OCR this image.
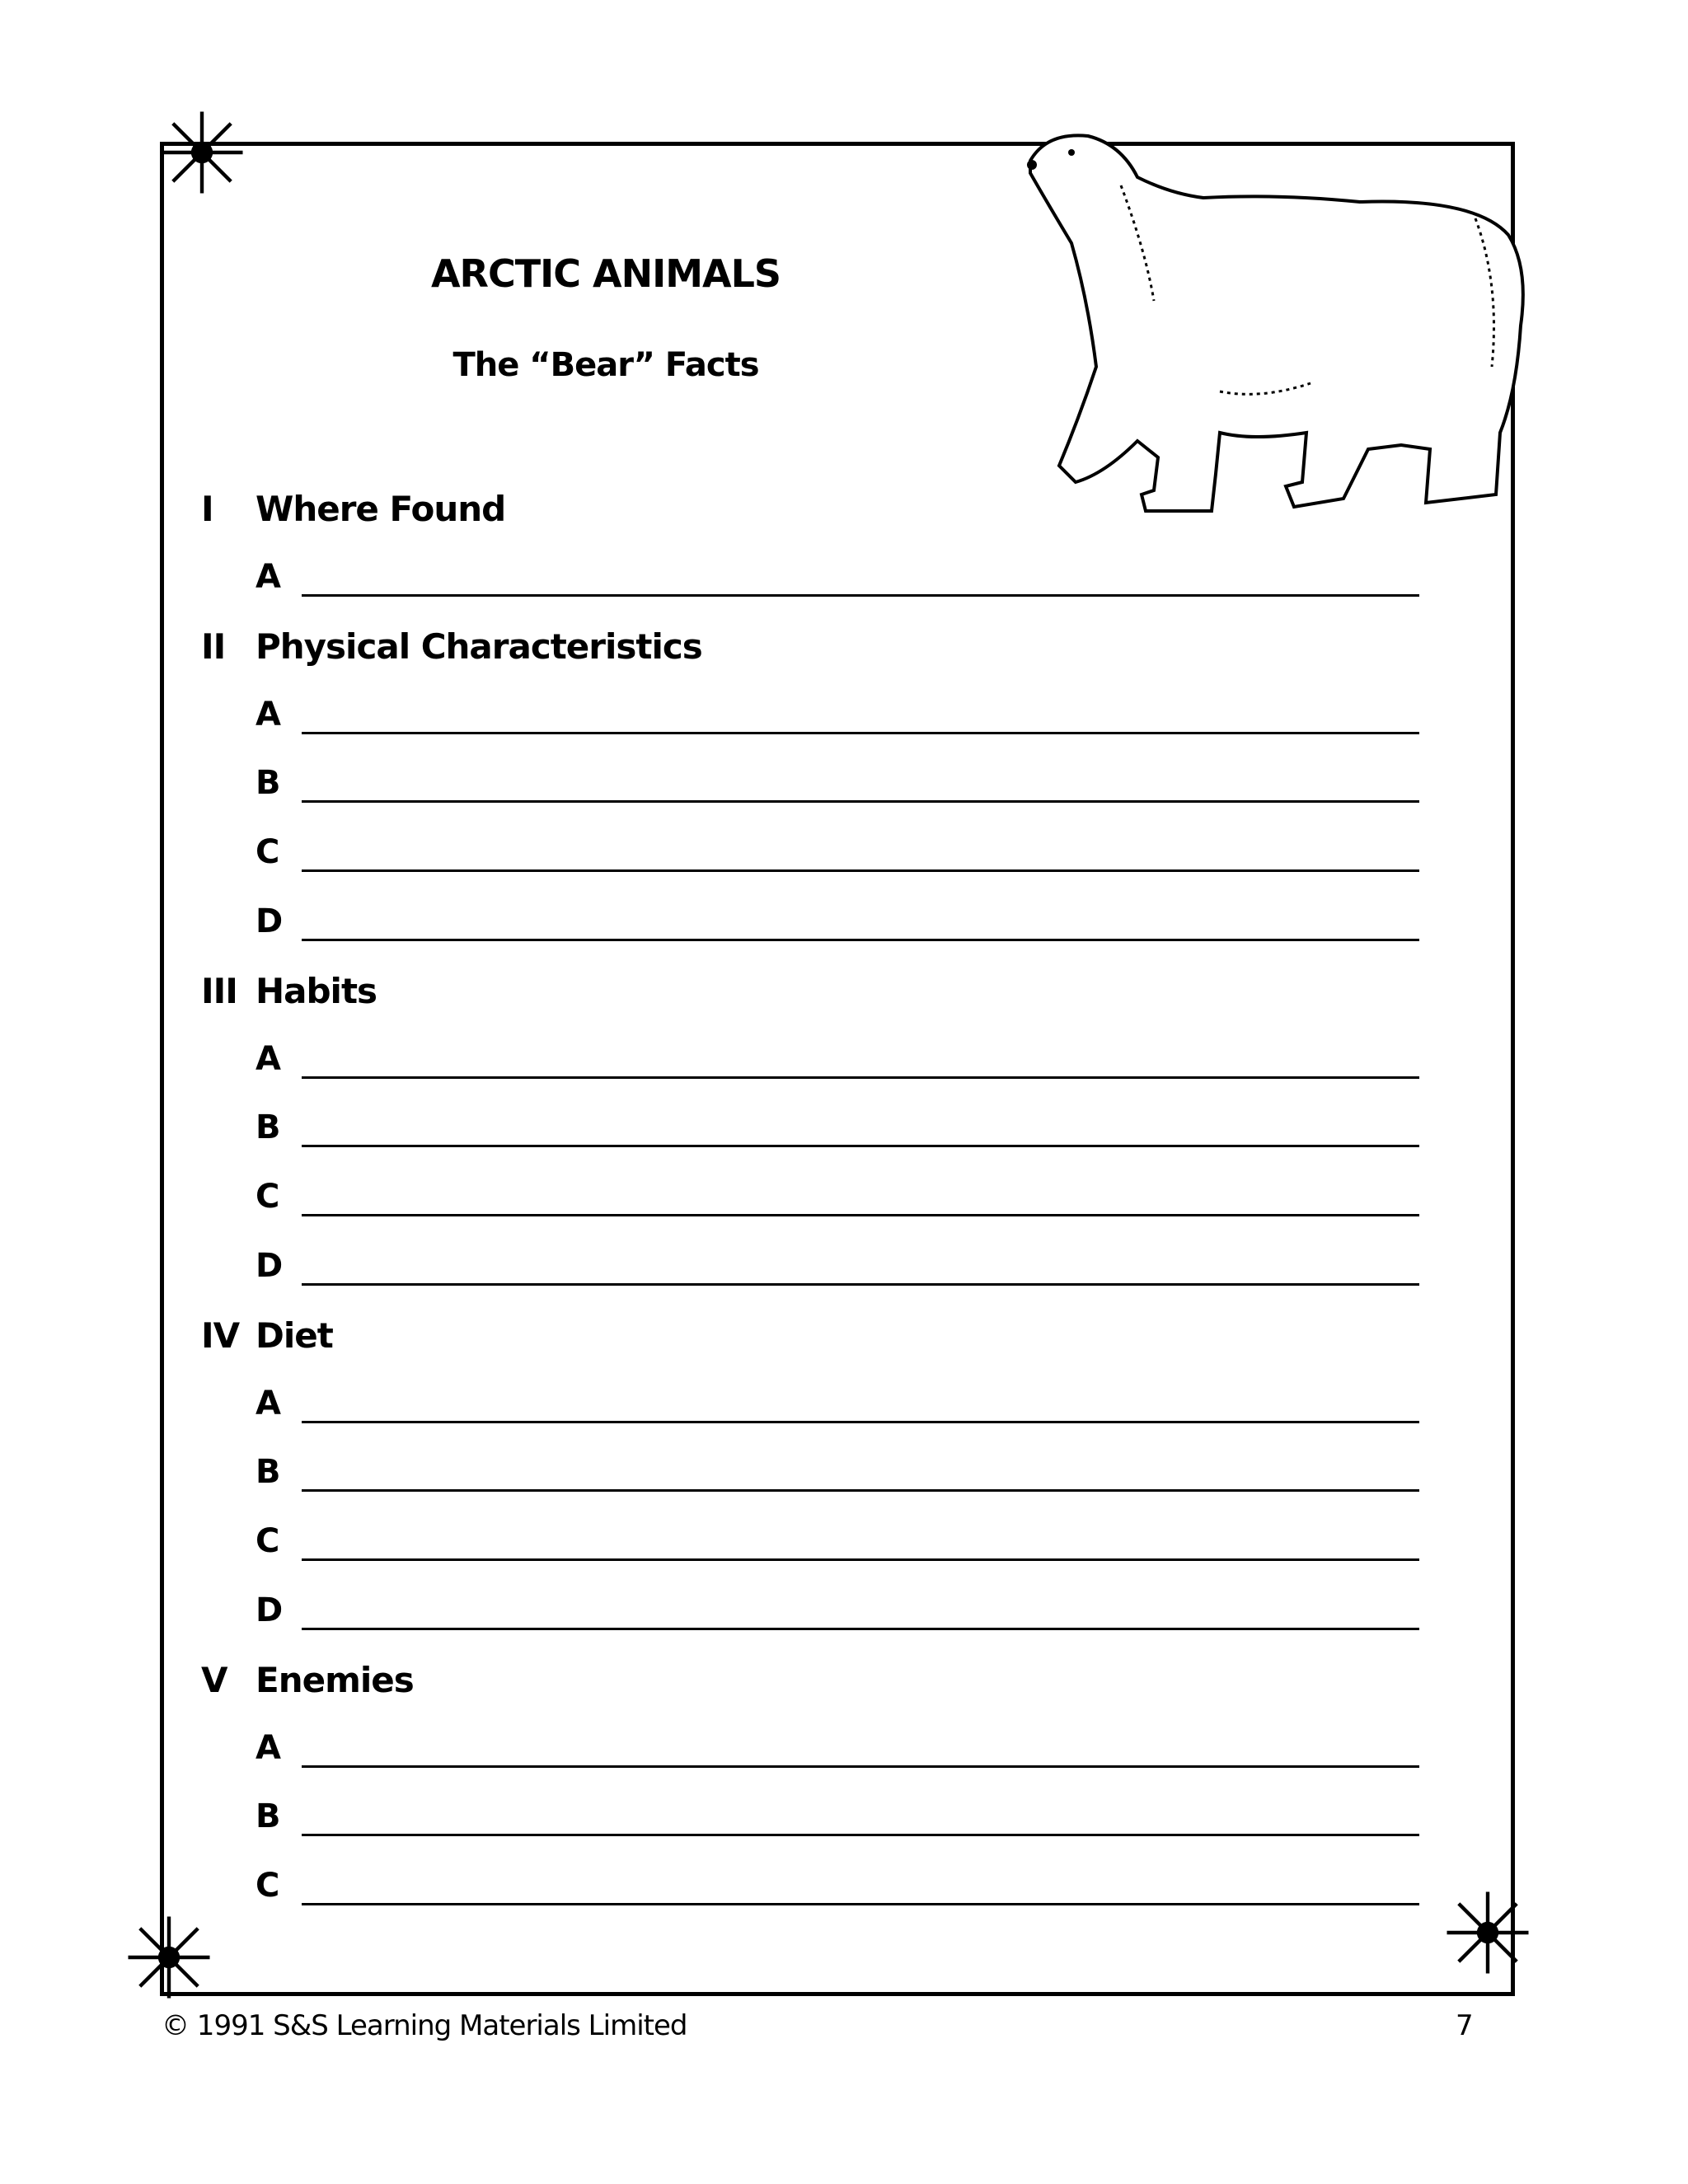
ARCTIC ANIMALS
The “Bear” Facts
I Where Found
A
II Physical Characteristics
A
B
C
D
III Habits
A
B
C
D
IV Diet
A
B
C
D
V Enemies
A
B
C
© 1991 S&S Learning Materials Limited	7
